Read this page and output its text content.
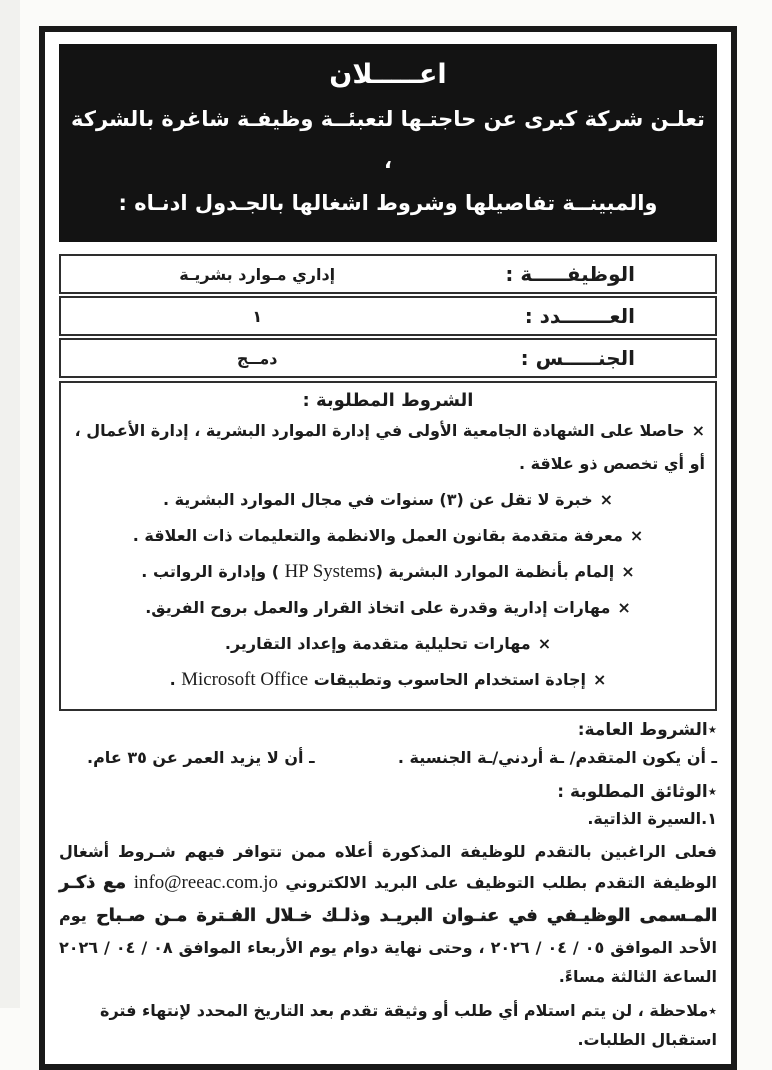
اعـــــلان
تعلـن شركة كبرى عن حاجتـها لتعبئــة وظيفـة شاغرة بالشركة ،
والمبينــة تفاصيلها وشروط اشغالها بالجـدول ادنـاه :
الوظيفـــــة :
إداري مـوارد بشريـة
العـــــــدد :
١
الجنـــــس :
دمــج
الشروط المطلوبة :
×حاصلا على الشهادة الجامعية الأولى في إدارة الموارد البشرية ، إدارة الأعمال ، أو أي تخصص ذو علاقة .
×خبرة لا تقل عن (٣) سنوات في مجال الموارد البشرية .
×معرفة متقدمة بقانون العمل والانظمة والتعليمات ذات العلاقة .
×إلمام بأنظمة الموارد البشرية (HP Systems ) وإدارة الرواتب .
×مهارات إدارية وقدرة على اتخاذ القرار والعمل بروح الفريق.
×مهارات تحليلية متقدمة وإعداد التقارير.
×إجادة استخدام الحاسوب وتطبيقات Microsoft Office .
٭الشروط العامة:
ـ أن يكون المتقدم/ ـة أردني/ـة الجنسية .
ـ أن لا يزيد العمر عن ٣٥ عام.
٭الوثائق المطلوبة :
١.السيرة الذاتية.
فعلى الراغبين بالتقدم للوظيفة المذكورة أعلاه ممن تتوافر فيهم شـروط أشغال الوظيفة التقدم بطلب التوظيف على البريد الالكتروني info@reeac.com.jo مع ذكـر المـسمى الوظيـفي في عنـوان البريـد وذلـك خـلال الفـترة مـن صـباح يوم الأحد الموافق ٠٥ / ٠٤ / ٢٠٢٦ ، وحتى نهاية دوام يوم الأربعاء الموافق ٠٨ / ٠٤ / ٢٠٢٦ الساعة الثالثة مساءً.
٭ملاحظة ، لن يتم استلام أي طلب أو وثيقة تقدم بعد التاريخ المحدد لإنتهاء فترة استقبال الطلبات.
